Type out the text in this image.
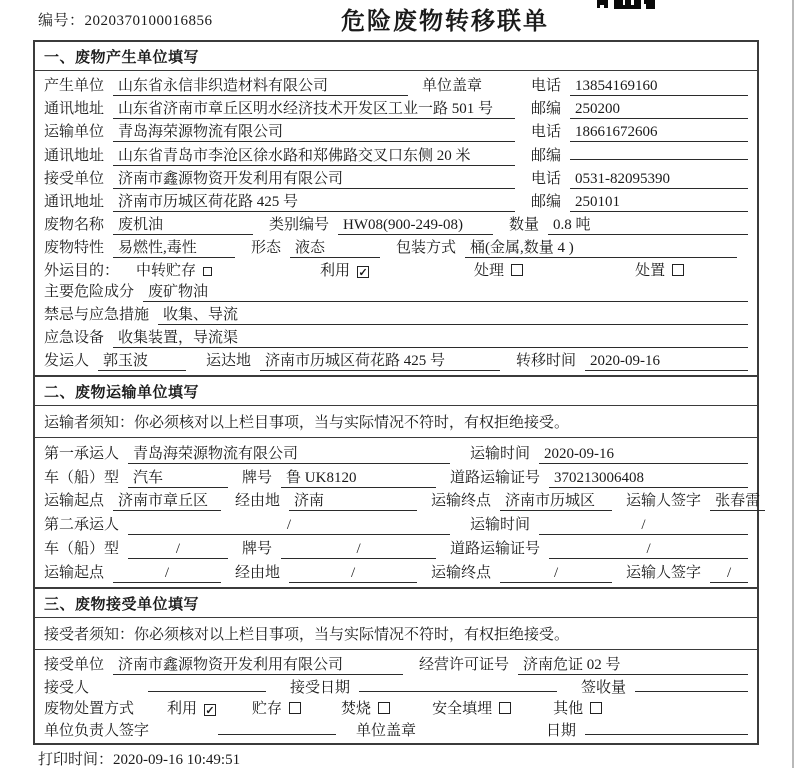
编号：2020370100016856	危险废物转移联单
一、废物产生单位填写
产生单位 山东省永信非织造材料有限公司	单位盖章	电话 13854169160
通讯地址 山东省济南市章丘区明水经济技术开发区工业一路 501 号	邮编 250200
运输单位 青岛海荣源物流有限公司	电话 18661672606
通讯地址 山东省青岛市李沧区徐水路和郑佛路交叉口东侧 20 米	邮编
接受单位 济南市鑫源物资开发利用有限公司	电话 0531-82095390
通讯地址 济南市历城区荷花路 425 号	邮编 250101
废物名称 废机油	类别编号 HW08(900-249-08)	数量 0.8 吨
废物特性 易燃性,毒性	形态 液态	包装方式 桶(金属,数量 4 )
外运目的：	中转贮存	利用 ✓	处理	处置
主要危险成分 废矿物油
禁忌与应急措施 收集、导流
应急设备 收集装置，导流渠
发运人 郭玉波	运达地 济南市历城区荷花路 425 号	转移时间 2020-09-16
二、废物运输单位填写
运输者须知：你必须核对以上栏目事项，当与实际情况不符时，有权拒绝接受。
第一承运人 青岛海荣源物流有限公司	运输时间 2020-09-16
车（船）型 汽车	牌号 鲁 UK8120	道路运输证号 370213006408
运输起点 济南市章丘区	经由地 济南	运输终点 济南市历城区	运输人签字 张春雷
第二承运人	/	运输时间	/
车（船）型	/	牌号	/	道路运输证号	/
运输起点	/	经由地	/	运输终点	/	运输人签字	/
三、废物接受单位填写
接受者须知：你必须核对以上栏目事项，当与实际情况不符时，有权拒绝接受。
接受单位 济南市鑫源物资开发利用有限公司	经营许可证号 济南危证 02 号
接受人	接受日期	签收量
废物处置方式	利用 ✓ 贮存	焚烧	安全填埋	其他
单位负责人签字	单位盖章	日期
打印时间：2020-09-16 10:49:51
